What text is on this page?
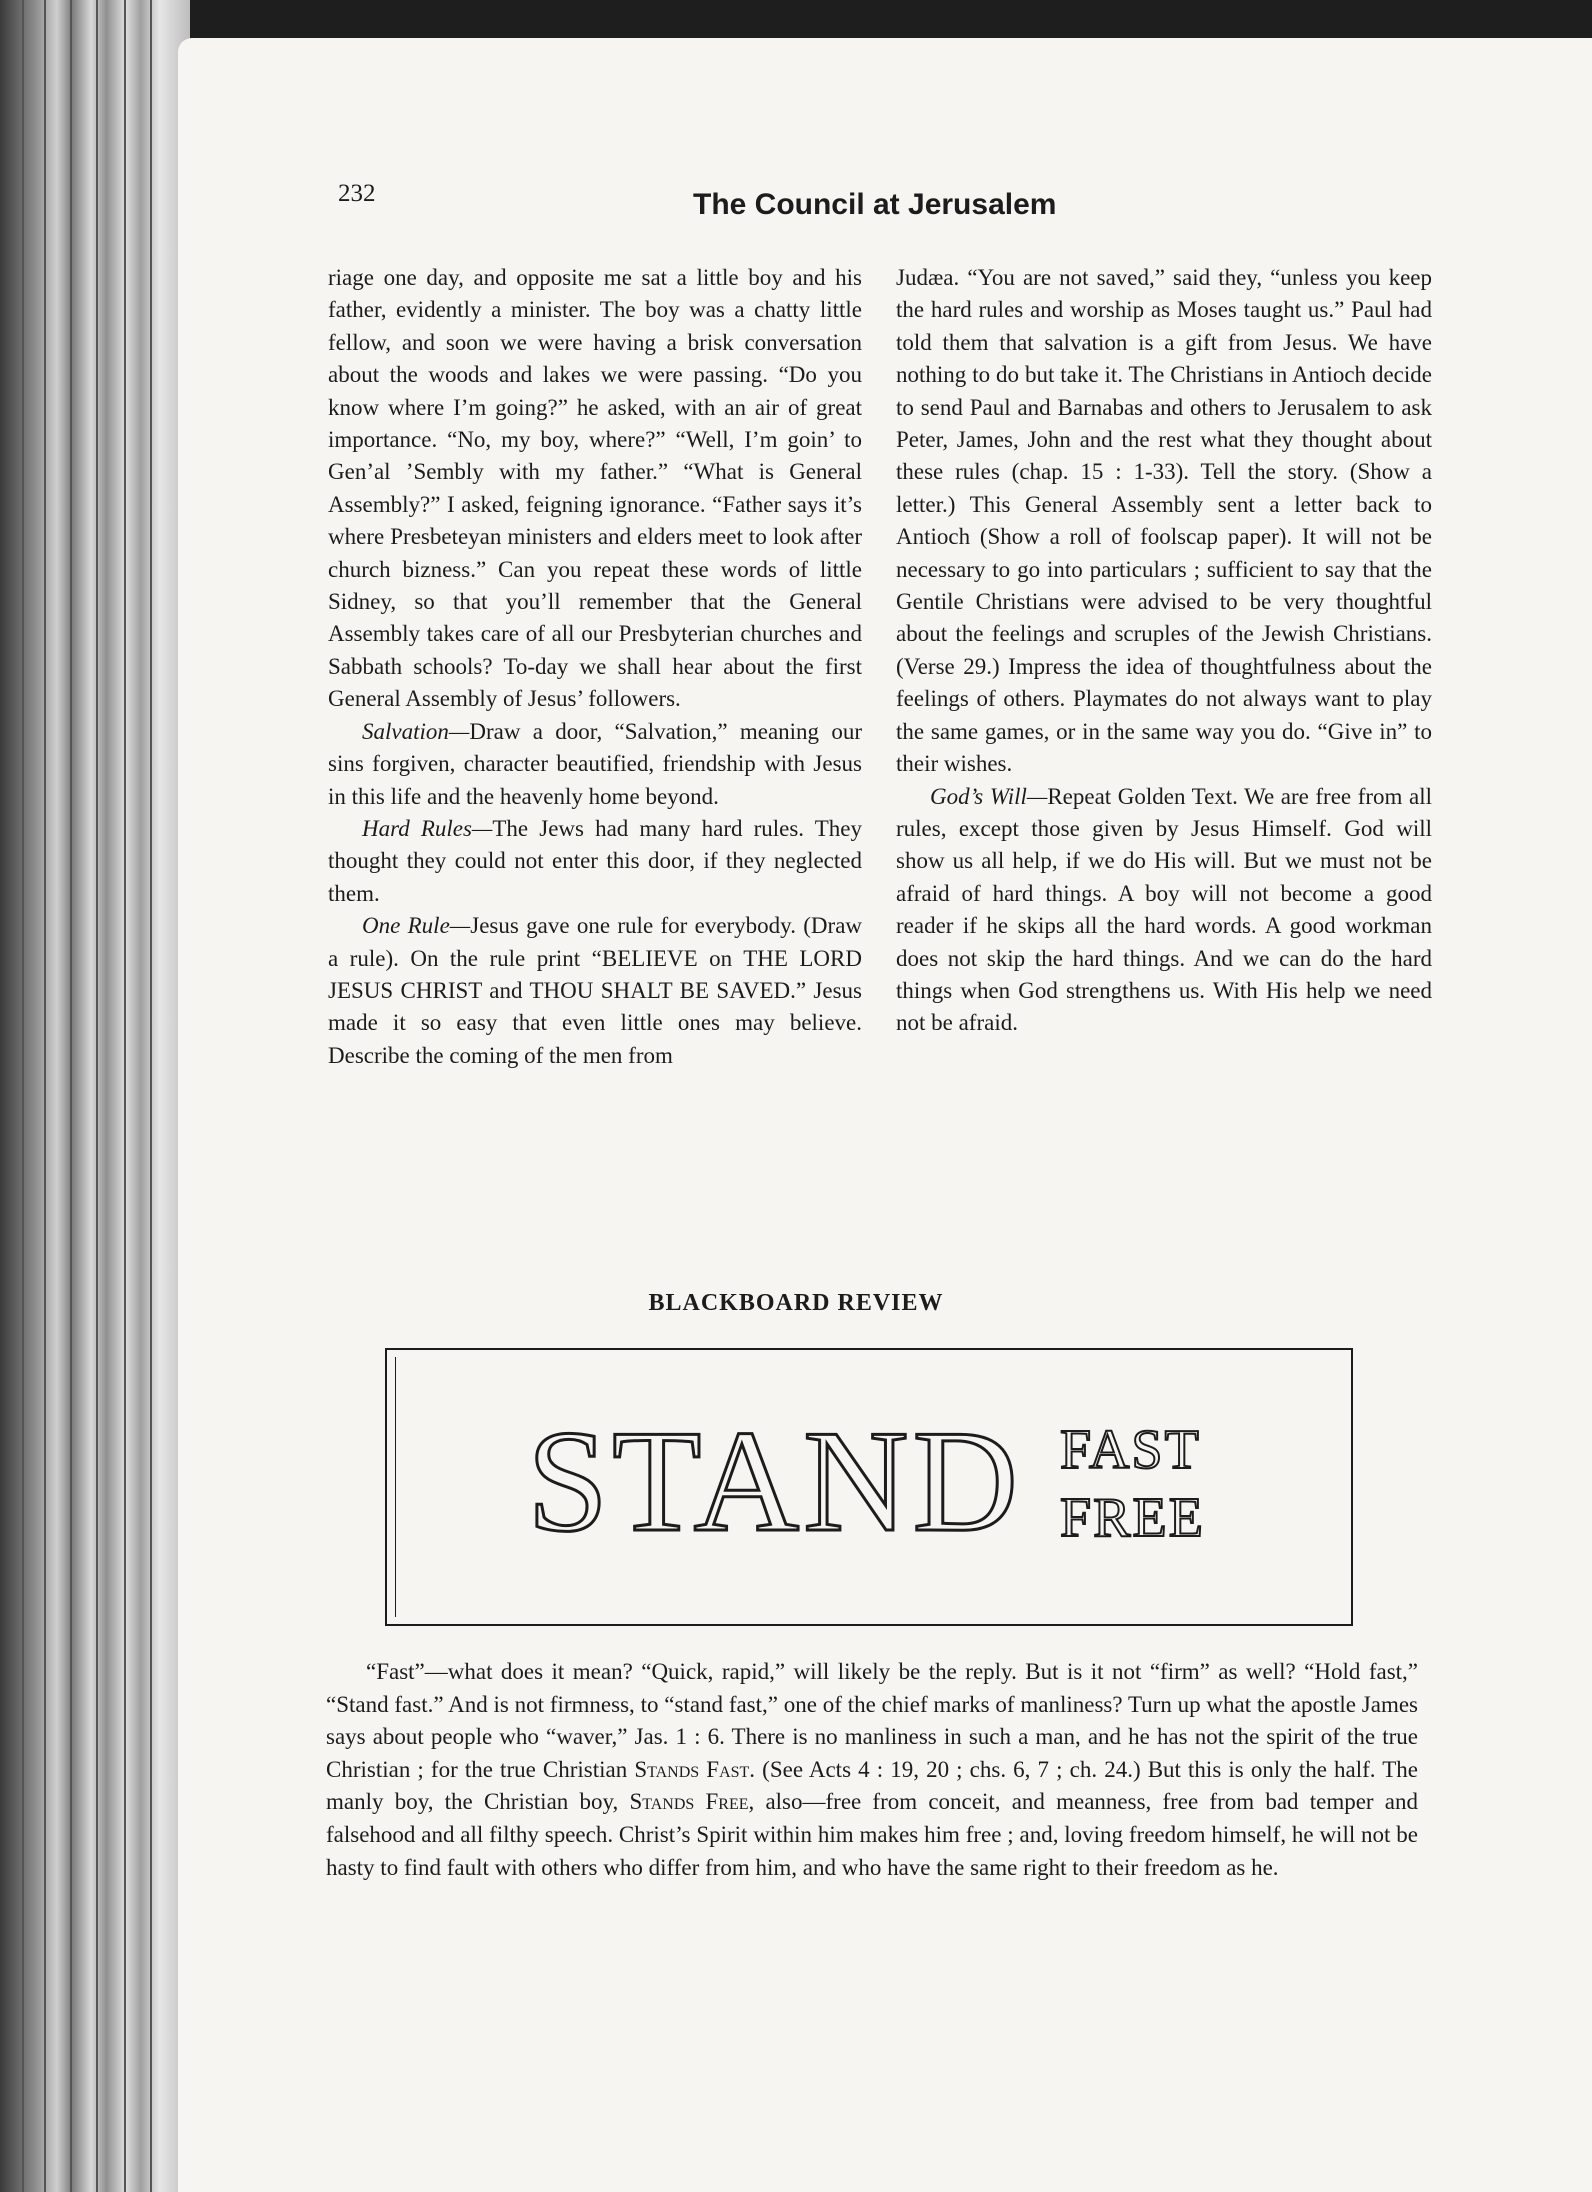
232	The Council at Jerusalem

riage one day, and opposite me sat a little boy and his father, evidently a minister. The boy was a chatty little fellow, and soon we were having a brisk conversation about the woods and lakes we were passing. “Do you know where I’m going?” he asked, with an air of great importance. “No, my boy, where?” “Well, I’m goin’ to Gen’al ’Sembly with my father.” “What is General Assembly?” I asked, feigning ignorance. “Father says it’s where Presbeteyan ministers and elders meet to look after church bizness.” Can you repeat these words of little Sidney, so that you’ll remember that the General Assembly takes care of all our Presbyterian churches and Sabbath schools? To-day we shall hear about the first General Assembly of Jesus’ followers.

Salvation—Draw a door, “Salvation,” meaning our sins forgiven, character beautified, friendship with Jesus in this life and the heavenly home beyond.

Hard Rules—The Jews had many hard rules. They thought they could not enter this door, if they neglected them.

One Rule—Jesus gave one rule for everybody. (Draw a rule). On the rule print “BELIEVE on THE LORD JESUS CHRIST and THOU SHALT BE SAVED.” Jesus made it so easy that even little ones may believe. Describe the coming of the men from

Judæa. “You are not saved,” said they, “unless you keep the hard rules and worship as Moses taught us.” Paul had told them that salvation is a gift from Jesus. We have nothing to do but take it. The Christians in Antioch decide to send Paul and Barnabas and others to Jerusalem to ask Peter, James, John and the rest what they thought about these rules (chap. 15 : 1-33). Tell the story. (Show a letter.) This General Assembly sent a letter back to Antioch (Show a roll of foolscap paper). It will not be necessary to go into particulars ; sufficient to say that the Gentile Christians were advised to be very thoughtful about the feelings and scruples of the Jewish Christians. (Verse 29.) Impress the idea of thoughtfulness about the feelings of others. Playmates do not always want to play the same games, or in the same way you do. “Give in” to their wishes.

God’s Will—Repeat Golden Text. We are free from all rules, except those given by Jesus Himself. God will show us all help, if we do His will. But we must not be afraid of hard things. A boy will not become a good reader if he skips all the hard words. A good workman does not skip the hard things. And we can do the hard things when God strengthens us. With His help we need not be afraid.

BLACKBOARD REVIEW
STAND FAST
FREE
“Fast”—what does it mean? “Quick, rapid,” will likely be the reply. But is it not “firm” as well? “Hold fast,” “Stand fast.” And is not firmness, to “stand fast,” one of the chief marks of manliness? Turn up what the apostle James says about people who “waver,” Jas. 1 : 6. There is no manliness in such a man, and he has not the spirit of the true Christian ; for the true Christian Stands Fast. (See Acts 4 : 19, 20 ; chs. 6, 7 ; ch. 24.) But this is only the half. The manly boy, the Christian boy, Stands Free, also—free from conceit, and meanness, free from bad temper and falsehood and all filthy speech. Christ’s Spirit within him makes him free ; and, loving freedom himself, he will not be hasty to find fault with others who differ from him, and who have the same right to their freedom as he.
